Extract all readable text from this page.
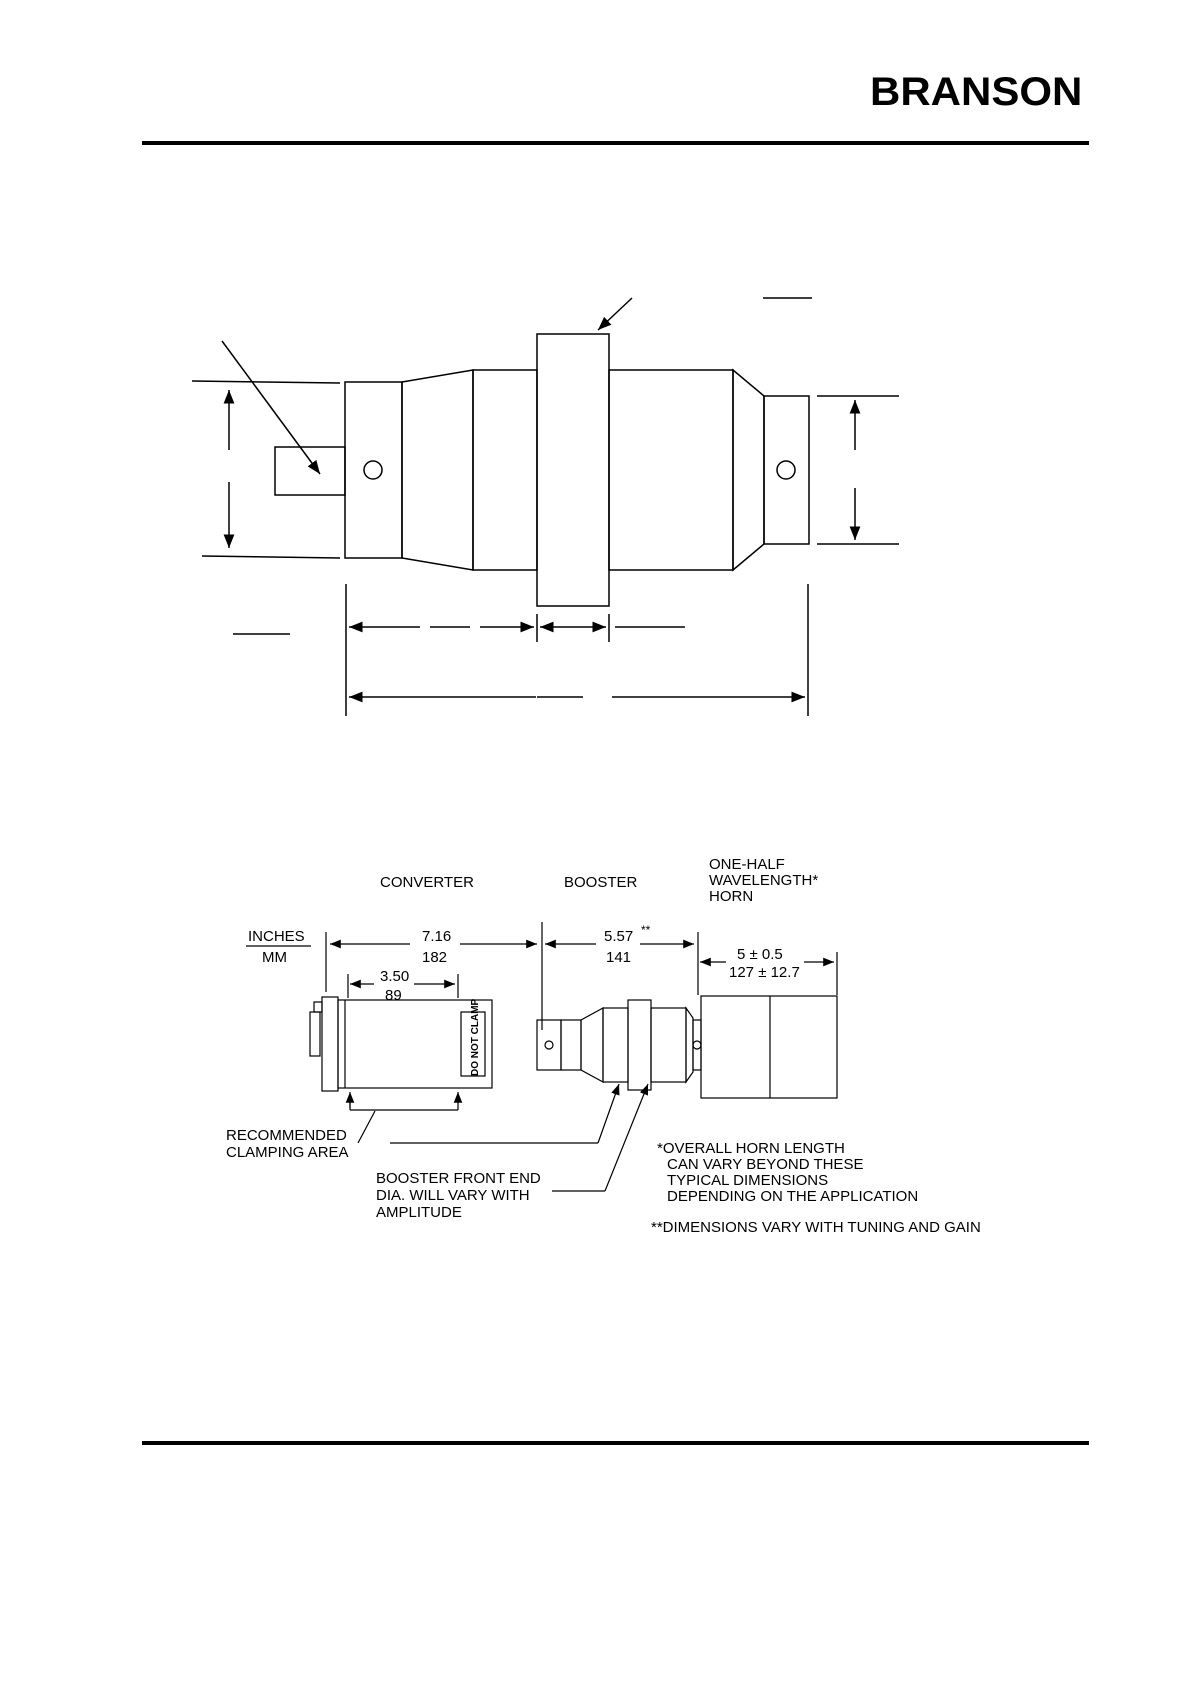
BRANSON
CONVERTER	BOOSTER
ONE-HALF
WAVELENGTH*
HORN
INCHES
MM
7.16
182
5.57 **
141	5 ± 0.5
127 ± 12.7
3.50
89
DO NOT CLAMP
RECOMMENDED
CLAMPING AREA
BOOSTER FRONT END
DIA. WILL VARY WITH
AMPLITUDE
*OVERALL HORN LENGTH
CAN VARY BEYOND THESE
TYPICAL DIMENSIONS
DEPENDING ON THE APPLICATION
**DIMENSIONS VARY WITH TUNING AND GAIN
